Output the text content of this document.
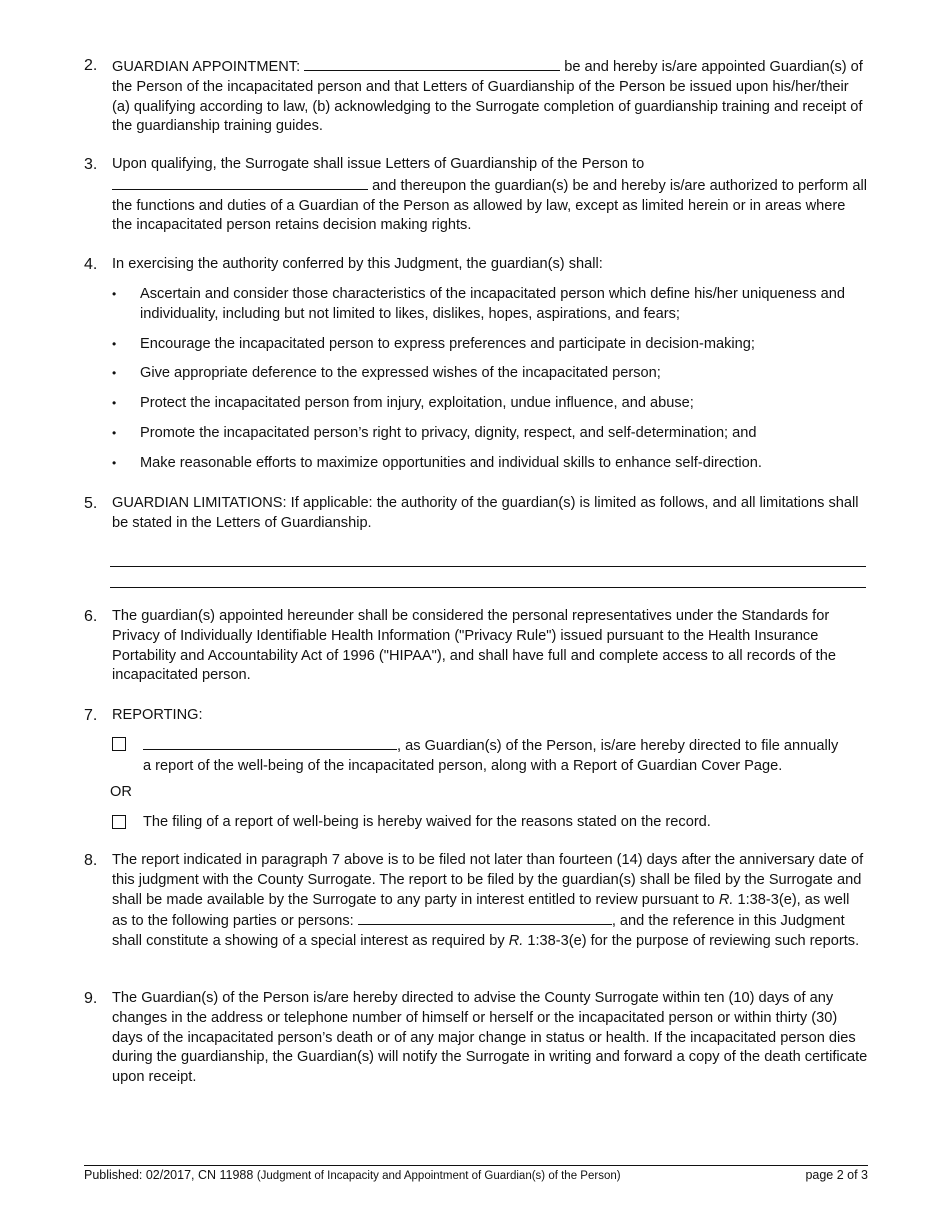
2. GUARDIAN APPOINTMENT:	be and hereby is/are appointed Guardian(s) of the Person of the incapacitated person and that Letters of Guardianship of the Person be issued upon his/her/their (a) qualifying according to law, (b) acknowledging to the Surrogate completion of guardianship training and receipt of the guardianship training guides.
3. Upon qualifying, the Surrogate shall issue Letters of Guardianship of the Person to
and thereupon the guardian(s) be and hereby is/are authorized to perform all the functions and duties of a Guardian of the Person as allowed by law, except as limited herein or in areas where the incapacitated person retains decision making rights.
4. In exercising the authority conferred by this Judgment, the guardian(s) shall:
• Ascertain and consider those characteristics of the incapacitated person which define his/her uniqueness and individuality, including but not limited to likes, dislikes, hopes, aspirations, and fears;
• Encourage the incapacitated person to express preferences and participate in decision-making;
• Give appropriate deference to the expressed wishes of the incapacitated person;
• Protect the incapacitated person from injury, exploitation, undue influence, and abuse;
• Promote the incapacitated person’s right to privacy, dignity, respect, and self-determination; and
• Make reasonable efforts to maximize opportunities and individual skills to enhance self-direction.
5. GUARDIAN LIMITATIONS: If applicable: the authority of the guardian(s) is limited as follows, and all limitations shall be stated in the Letters of Guardianship.
6. The guardian(s) appointed hereunder shall be considered the personal representatives under the Standards for Privacy of Individually Identifiable Health Information ("Privacy Rule") issued pursuant to the Health Insurance Portability and Accountability Act of 1996 ("HIPAA"), and shall have full and complete access to all records of the incapacitated person.
7. REPORTING:
, as Guardian(s) of the Person, is/are hereby directed to file annually
a report of the well-being of the incapacitated person, along with a Report of Guardian Cover Page.
OR
The filing of a report of well-being is hereby waived for the reasons stated on the record.
8. The report indicated in paragraph 7 above is to be filed not later than fourteen (14) days after the anniversary date of this judgment with the County Surrogate. The report to be filed by the guardian(s) shall be filed by the Surrogate and shall be made available by the Surrogate to any party in interest entitled to review pursuant to R. 1:38-3(e), as well as to the following parties or persons:	, and the reference in this Judgment shall constitute a showing of a special interest as required by R. 1:38-3(e) for the purpose of reviewing such reports.
9. The Guardian(s) of the Person is/are hereby directed to advise the County Surrogate within ten (10) days of any changes in the address or telephone number of himself or herself or the incapacitated person or within thirty (30) days of the incapacitated person’s death or of any major change in status or health. If the incapacitated person dies during the guardianship, the Guardian(s) will notify the Surrogate in writing and forward a copy of the death certificate upon receipt.
Published: 02/2017, CN 11988 (Judgment of Incapacity and Appointment of Guardian(s) of the Person)	page 2 of 3
